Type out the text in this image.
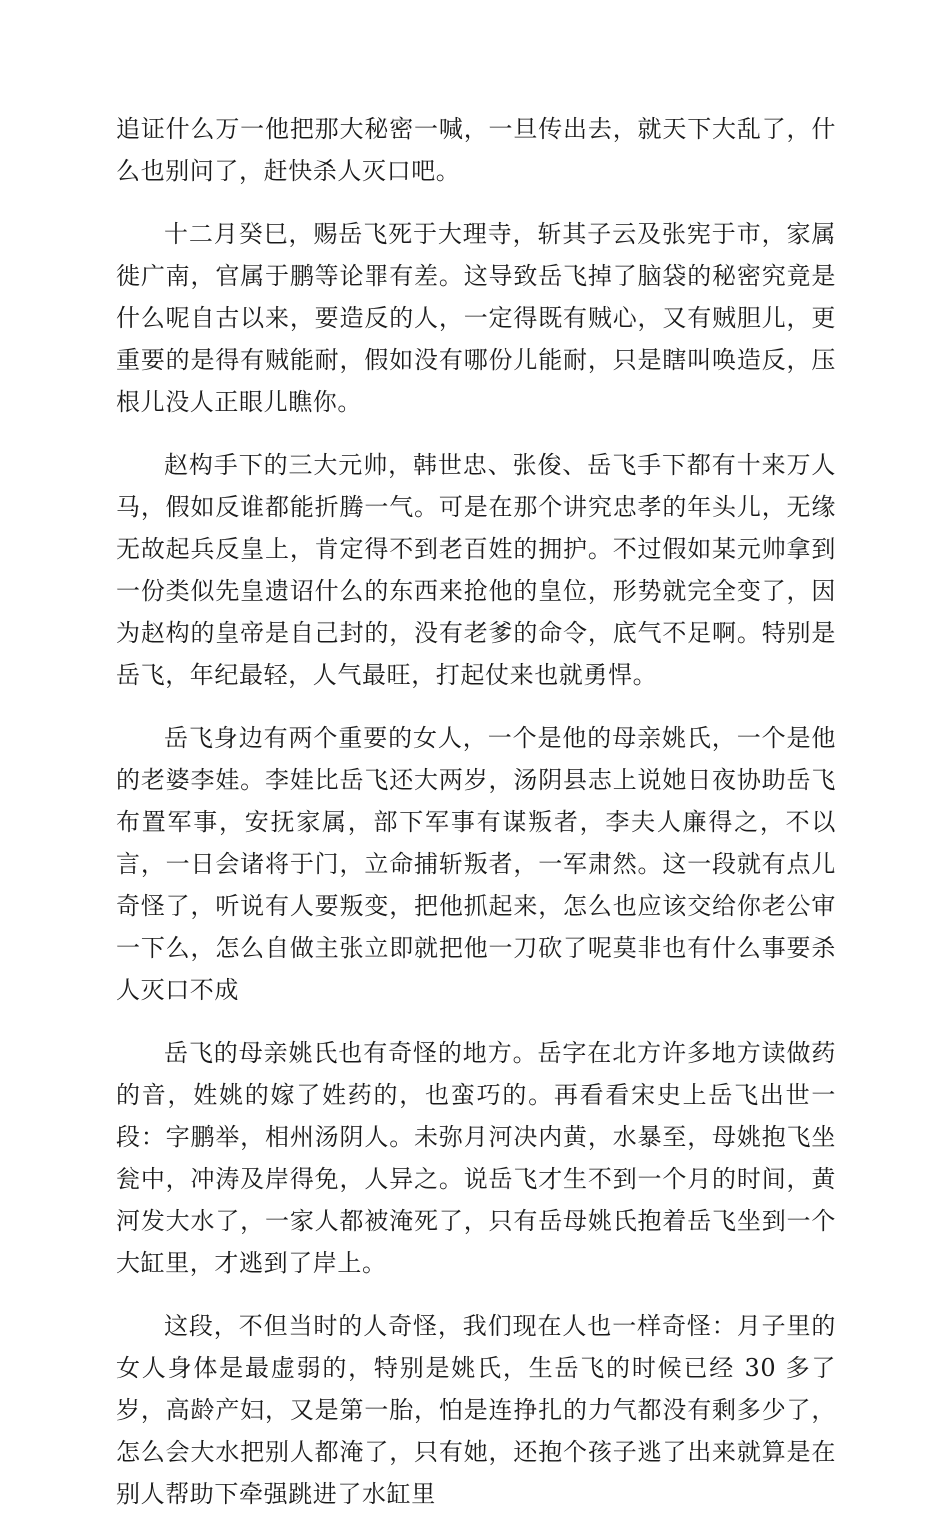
追证什么万一他把那大秘密一喊，一旦传出去，就天下大乱了，什么也别问了，赶快杀人灭口吧。

十二月癸巳，赐岳飞死于大理寺，斩其子云及张宪于市，家属徙广南，官属于鹏等论罪有差。这导致岳飞掉了脑袋的秘密究竟是什么呢自古以来，要造反的人，一定得既有贼心，又有贼胆儿，更重要的是得有贼能耐，假如没有哪份儿能耐，只是瞎叫唤造反，压根儿没人正眼儿瞧你。

赵构手下的三大元帅，韩世忠、张俊、岳飞手下都有十来万人马，假如反谁都能折腾一气。可是在那个讲究忠孝的年头儿，无缘无故起兵反皇上，肯定得不到老百姓的拥护。不过假如某元帅拿到一份类似先皇遗诏什么的东西来抢他的皇位，形势就完全变了，因为赵构的皇帝是自己封的，没有老爹的命令，底气不足啊。特别是岳飞，年纪最轻，人气最旺，打起仗来也就勇悍。

岳飞身边有两个重要的女人，一个是他的母亲姚氏，一个是他的老婆李娃。李娃比岳飞还大两岁，汤阴县志上说她日夜协助岳飞布置军事，安抚家属，部下军事有谋叛者，李夫人廉得之，不以言，一日会诸将于门，立命捕斩叛者，一军肃然。这一段就有点儿奇怪了，听说有人要叛变，把他抓起来，怎么也应该交给你老公审一下么，怎么自做主张立即就把他一刀砍了呢莫非也有什么事要杀人灭口不成

岳飞的母亲姚氏也有奇怪的地方。岳字在北方许多地方读做药的音，姓姚的嫁了姓药的，也蛮巧的。再看看宋史上岳飞出世一段：字鹏举，相州汤阴人。未弥月河决内黄，水暴至，母姚抱飞坐瓮中，冲涛及岸得免，人异之。说岳飞才生不到一个月的时间，黄河发大水了，一家人都被淹死了，只有岳母姚氏抱着岳飞坐到一个大缸里，才逃到了岸上。

这段，不但当时的人奇怪，我们现在人也一样奇怪：月子里的女人身体是最虚弱的，特别是姚氏，生岳飞的时候已经 30 多了岁，高龄产妇，又是第一胎，怕是连挣扎的力气都没有剩多少了，怎么会大水把别人都淹了，只有她，还抱个孩子逃了出来就算是在别人帮助下牵强跳进了水缸里
